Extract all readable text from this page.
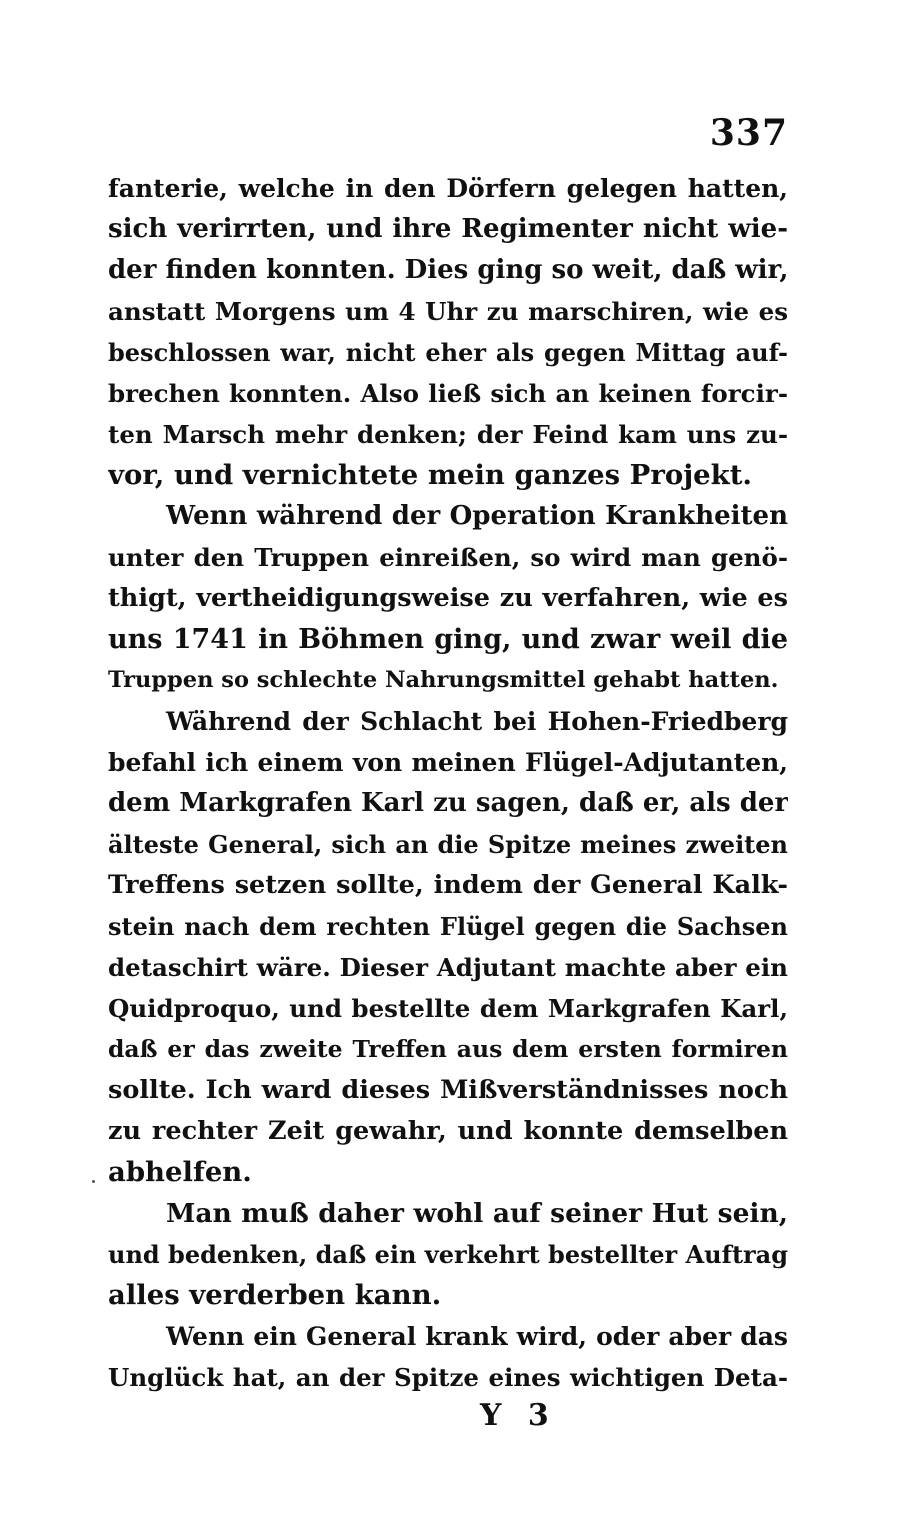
337
fanterie, welche in den Dörfern gelegen hatten,
sich verirrten, und ihre Regimenter nicht wie-
der finden konnten. Dies ging so weit, daß wir,
anstatt Morgens um 4 Uhr zu marschiren, wie es
beschlossen war, nicht eher als gegen Mittag auf-
brechen konnten. Also ließ sich an keinen forcir-
ten Marsch mehr denken; der Feind kam uns zu-
vor, und vernichtete mein ganzes Projekt.
Wenn während der Operation Krankheiten
unter den Truppen einreißen, so wird man genö-
thigt, vertheidigungsweise zu verfahren, wie es
uns 1741 in Böhmen ging, und zwar weil die
Truppen so schlechte Nahrungsmittel gehabt hatten.
Während der Schlacht bei Hohen-Friedberg
befahl ich einem von meinen Flügel-Adjutanten,
dem Markgrafen Karl zu sagen, daß er, als der
älteste General, sich an die Spitze meines zweiten
Treffens setzen sollte, indem der General Kalk-
stein nach dem rechten Flügel gegen die Sachsen
detaschirt wäre. Dieser Adjutant machte aber ein
Quidproquo, und bestellte dem Markgrafen Karl,
daß er das zweite Treffen aus dem ersten formiren
sollte. Ich ward dieses Mißverständnisses noch
zu rechter Zeit gewahr, und konnte demselben
abhelfen.
Man muß daher wohl auf seiner Hut sein,
und bedenken, daß ein verkehrt bestellter Auftrag
alles verderben kann.
Wenn ein General krank wird, oder aber das
Unglück hat, an der Spitze eines wichtigen Deta-
Y 3
